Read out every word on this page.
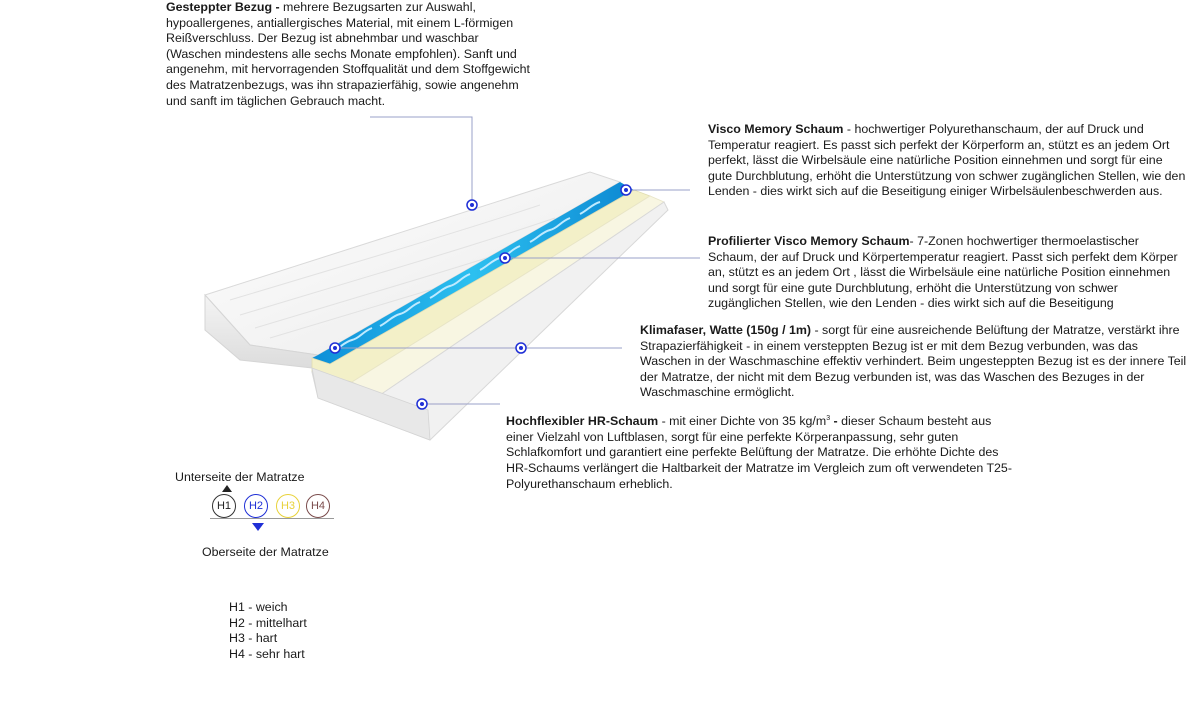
Gesteppter Bezug - mehrere Bezugsarten zur Auswahl, hypoallergenes, antiallergisches Material, mit einem L-förmigen Reißverschluss. Der Bezug ist abnehmbar und waschbar (Waschen mindestens alle sechs Monate empfohlen). Sanft und angenehm, mit hervorragenden Stoffqualität und dem Stoffgewicht des Matratzenbezugs, was ihn strapazierfähig, sowie angenehm und sanft im täglichen Gebrauch macht.
Visco Memory Schaum - hochwertiger Polyurethanschaum, der auf Druck und Temperatur reagiert. Es passt sich perfekt der Körperform an, stützt es an jedem Ort perfekt, lässt die Wirbelsäule eine natürliche Position einnehmen und sorgt für eine gute Durchblutung, erhöht die Unterstützung von schwer zugänglichen Stellen, wie den Lenden - dies wirkt sich auf die Beseitigung einiger Wirbelsäulenbeschwerden aus.
Profilierter Visco Memory Schaum- 7-Zonen hochwertiger thermoelastischer Schaum, der auf Druck und Körpertemperatur reagiert. Passt sich perfekt dem Körper an, stützt es an jedem Ort , lässt die Wirbelsäule eine natürliche Position einnehmen und sorgt für eine gute Durchblutung, erhöht die Unterstützung von schwer zugänglichen Stellen, wie den Lenden - dies wirkt sich auf die Beseitigung
Klimafaser, Watte (150g / 1m) - sorgt für eine ausreichende Belüftung der Matratze, verstärkt ihre Strapazierfähigkeit - in einem versteppten Bezug ist er mit dem Bezug verbunden, was das Waschen in der Waschmaschine effektiv verhindert. Beim ungesteppten Bezug ist es der innere Teil der Matratze, der nicht mit dem Bezug verbunden ist, was das Waschen des Bezuges in der Waschmaschine ermöglicht.
Hochflexibler HR-Schaum - mit einer Dichte von 35 $kg/m^3$ - dieser Schaum besteht aus einer Vielzahl von Luftblasen, sorgt für eine perfekte Körperanpassung, sehr guten Schlafkomfort und garantiert eine perfekte Belüftung der Matratze. Die erhöhte Dichte des HR-Schaums verlängert die Haltbarkeit der Matratze im Vergleich zum oft verwendeten T25-Polyurethanschaum erheblich.
Unterseite der Matratze
H1	H2	H3	H4
Oberseite der Matratze
H1 - weich
H2 - mittelhart
H3 - hart
H4 - sehr hart
